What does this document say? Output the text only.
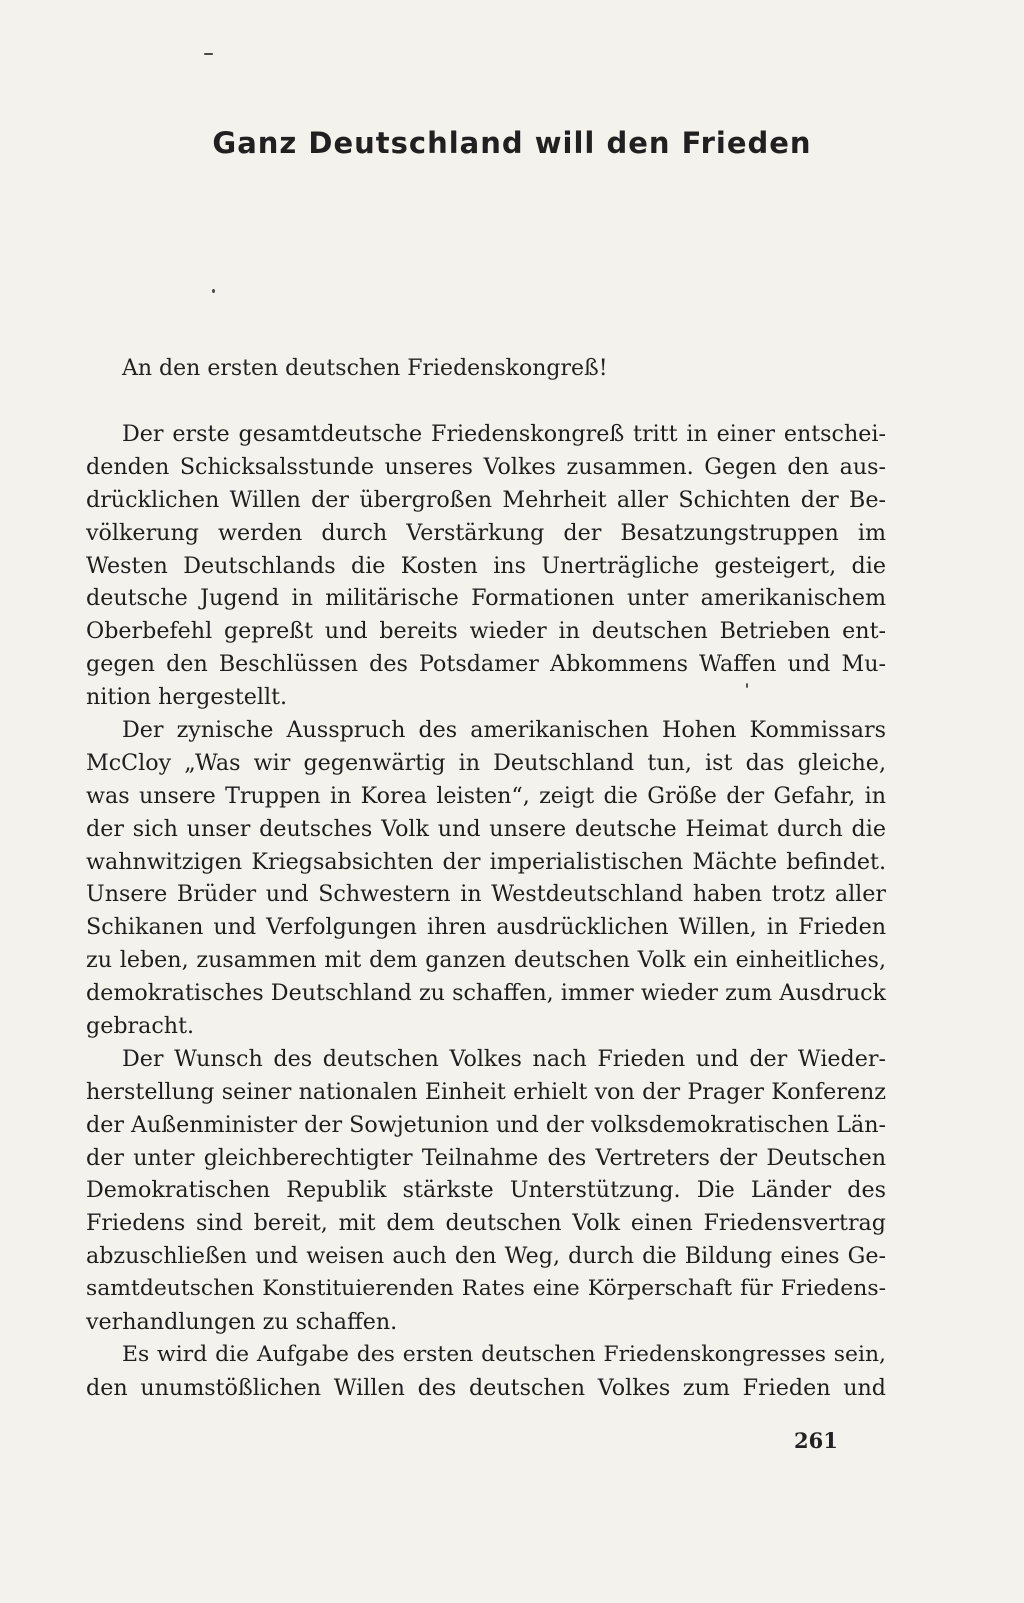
Ganz Deutschland will den Frieden
An den ersten deutschen Friedenskongreß!
Der erste gesamtdeutsche Friedenskongreß tritt in einer entschei-
denden Schicksalsstunde unseres Volkes zusammen. Gegen den aus-
drücklichen Willen der übergroßen Mehrheit aller Schichten der Be-
völkerung werden durch Verstärkung der Besatzungstruppen im
Westen Deutschlands die Kosten ins Unerträgliche gesteigert, die
deutsche Jugend in militärische Formationen unter amerikanischem
Oberbefehl gepreßt und bereits wieder in deutschen Betrieben ent-
gegen den Beschlüssen des Potsdamer Abkommens Waffen und Mu-
nition hergestellt.
Der zynische Ausspruch des amerikanischen Hohen Kommissars
McCloy „Was wir gegenwärtig in Deutschland tun, ist das gleiche,
was unsere Truppen in Korea leisten“, zeigt die Größe der Gefahr, in
der sich unser deutsches Volk und unsere deutsche Heimat durch die
wahnwitzigen Kriegsabsichten der imperialistischen Mächte befindet.
Unsere Brüder und Schwestern in Westdeutschland haben trotz aller
Schikanen und Verfolgungen ihren ausdrücklichen Willen, in Frieden
zu leben, zusammen mit dem ganzen deutschen Volk ein einheitliches,
demokratisches Deutschland zu schaffen, immer wieder zum Ausdruck
gebracht.
Der Wunsch des deutschen Volkes nach Frieden und der Wieder-
herstellung seiner nationalen Einheit erhielt von der Prager Konferenz
der Außenminister der Sowjetunion und der volksdemokratischen Län-
der unter gleichberechtigter Teilnahme des Vertreters der Deutschen
Demokratischen Republik stärkste Unterstützung. Die Länder des
Friedens sind bereit, mit dem deutschen Volk einen Friedensvertrag
abzuschließen und weisen auch den Weg, durch die Bildung eines Ge-
samtdeutschen Konstituierenden Rates eine Körperschaft für Friedens-
verhandlungen zu schaffen.
Es wird die Aufgabe des ersten deutschen Friedenskongresses sein,
den unumstößlichen Willen des deutschen Volkes zum Frieden und
261
